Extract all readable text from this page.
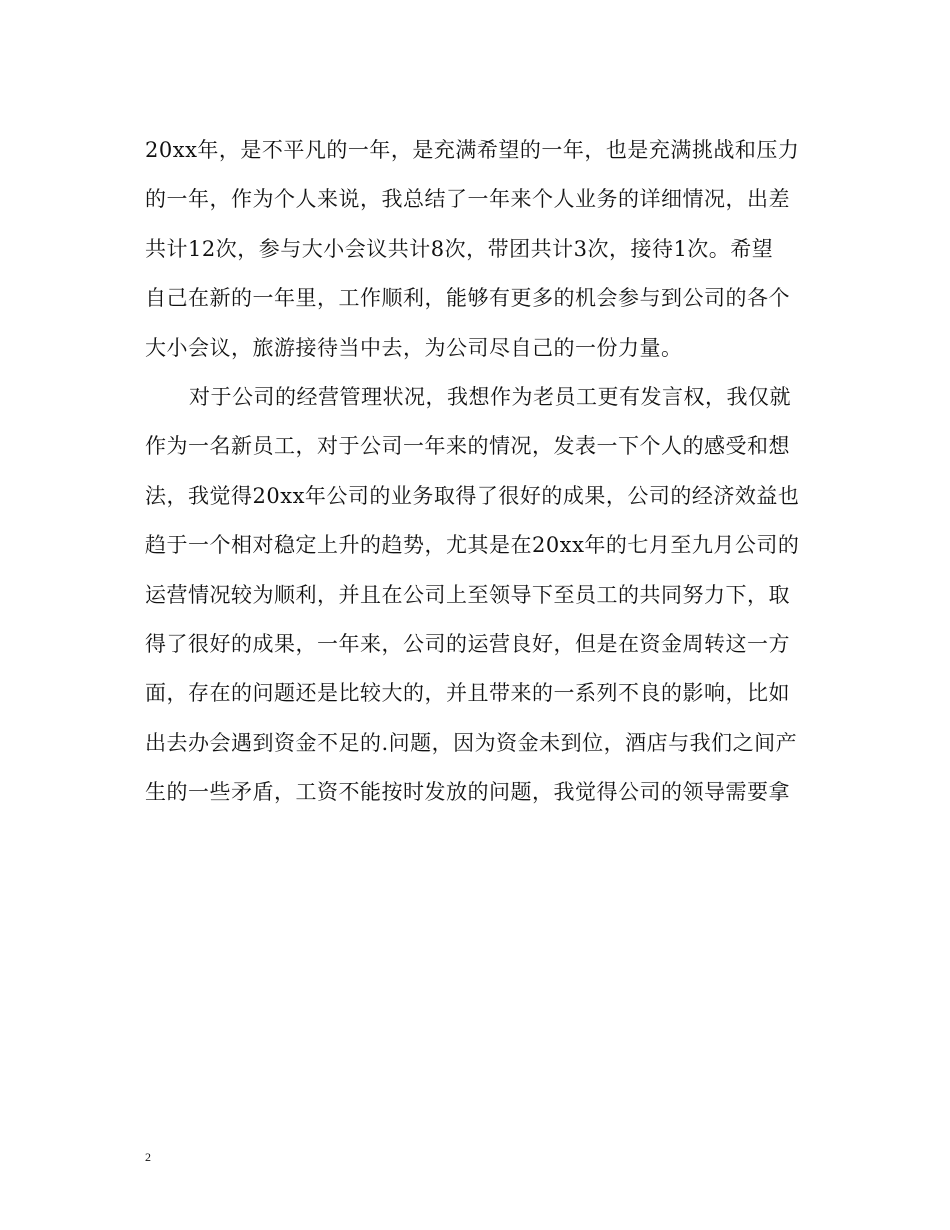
20xx年，是不平凡的一年，是充满希望的一年，也是充满挑战和压力
的一年，作为个人来说，我总结了一年来个人业务的详细情况，出差
共计12次，参与大小会议共计8次，带团共计3次，接待1次。希望
自己在新的一年里，工作顺利，能够有更多的机会参与到公司的各个
大小会议，旅游接待当中去，为公司尽自己的一份力量。
对于公司的经营管理状况，我想作为老员工更有发言权，我仅就
作为一名新员工，对于公司一年来的情况，发表一下个人的感受和想
法，我觉得20xx年公司的业务取得了很好的成果，公司的经济效益也
趋于一个相对稳定上升的趋势，尤其是在20xx年的七月至九月公司的
运营情况较为顺利，并且在公司上至领导下至员工的共同努力下，取
得了很好的成果，一年来，公司的运营良好，但是在资金周转这一方
面，存在的问题还是比较大的，并且带来的一系列不良的影响，比如
出去办会遇到资金不足的.问题，因为资金未到位，酒店与我们之间产
生的一些矛盾，工资不能按时发放的问题，我觉得公司的领导需要拿
2
